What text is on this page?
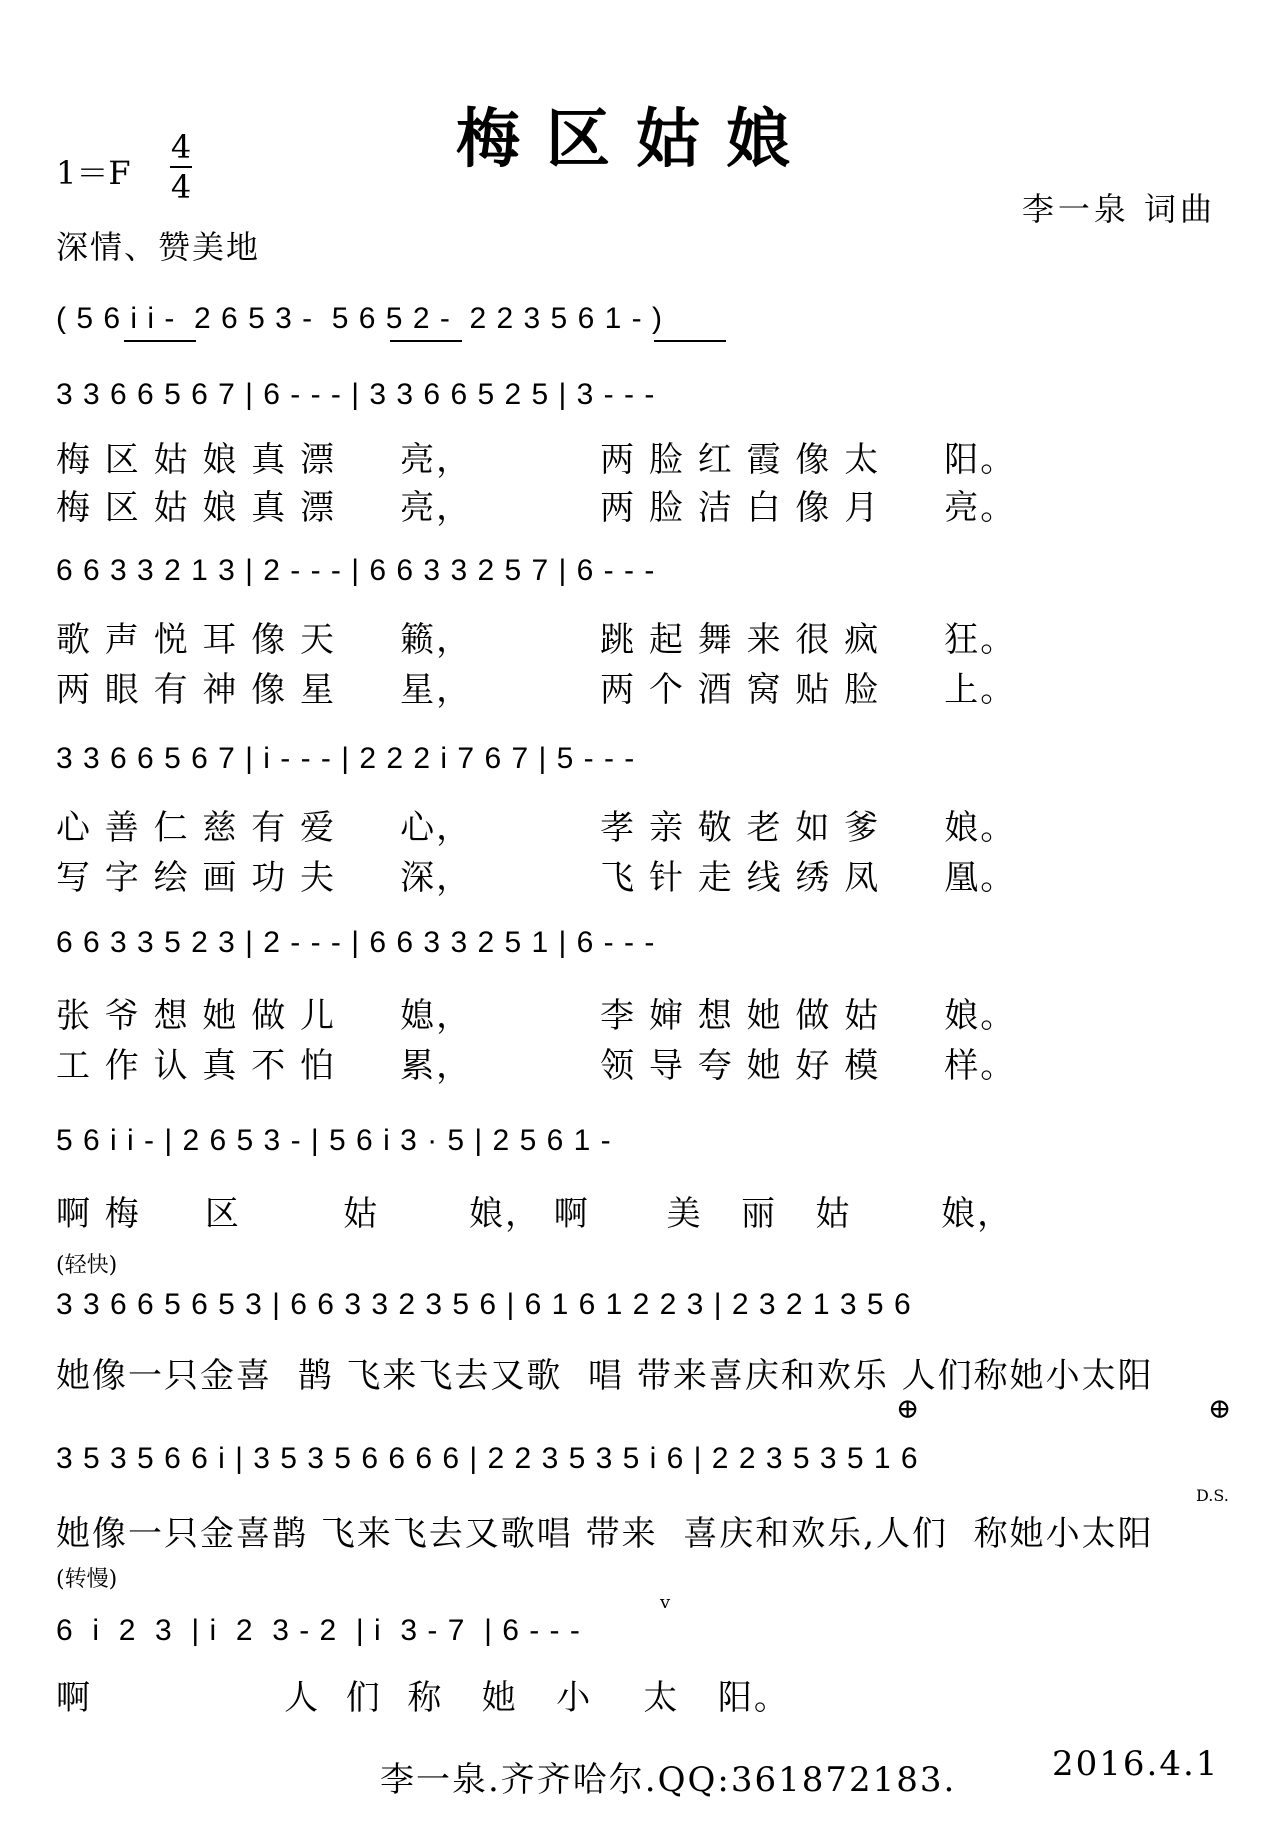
梅区姑娘
1＝F
4
4
深情、赞美地
李一泉 词曲
( 5 6 i i -  2 6 5 3 -  5 6 5 2 -  2 2 3 5 6 1 - )
3 3 6 6 5 6 7 | 6 - - - | 3 3 6 6 5 2 5 | 3 - - -
梅 区 姑 娘 真 漂     亮，          两 脸 红 霞 像 太     阳。
梅 区 姑 娘 真 漂     亮，          两 脸 洁 白 像 月     亮。
6 6 3 3 2 1 3 | 2 - - - | 6 6 3 3 2 5 7 | 6 - - -
歌 声 悦 耳 像 天     籁，          跳 起 舞 来 很 疯     狂。
两 眼 有 神 像 星     星，          两 个 酒 窝 贴 脸     上。
3 3 6 6 5 6 7 | i - - - | 2 2 2 i 7 6 7 | 5 - - -
心 善 仁 慈 有 爱     心，          孝 亲 敬 老 如 爹     娘。
写 字 绘 画 功 夫     深，          飞 针 走 线 绣 凤     凰。
6 6 3 3 5 2 3 | 2 - - - | 6 6 3 3 2 5 1 | 6 - - -
张 爷 想 她 做 儿     媳，          李 婶 想 她 做 姑     娘。
工 作 认 真 不 怕     累，          领 导 夸 她 好 模     样。
5 6 i i - | 2 6 5 3 - | 5 6 i 3 · 5 | 2 5 6 1 -
啊 梅     区        姑       娘， 啊      美   丽   姑       娘，
(轻快)
3 3 6 6 5 6 5 3 | 6 6 3 3 2 3 5 6 | 6 1 6 1 2 2 3 | 2 3 2 1 3 5 6
她像一只金喜  鹊 飞来飞去又歌  唱 带来喜庆和欢乐 人们称她小太阳
⊕	⊕
3 5 3 5 6 6 i | 3 5 3 5 6 6 6 6 | 2 2 3 5 3 5 i 6 | 2 2 3 5 3 5 1 6
D.S.
她像一只金喜鹊 飞来飞去又歌唱 带来  喜庆和欢乐,人们  称她小太阳
(转慢)
6  i  2  3  | i  2  3 - 2  | i  3 - 7  | 6 - - -
v
啊               人  们  称   她   小    太   阳。
李一泉.齐齐哈尔.QQ:361872183.	2016.4.1
